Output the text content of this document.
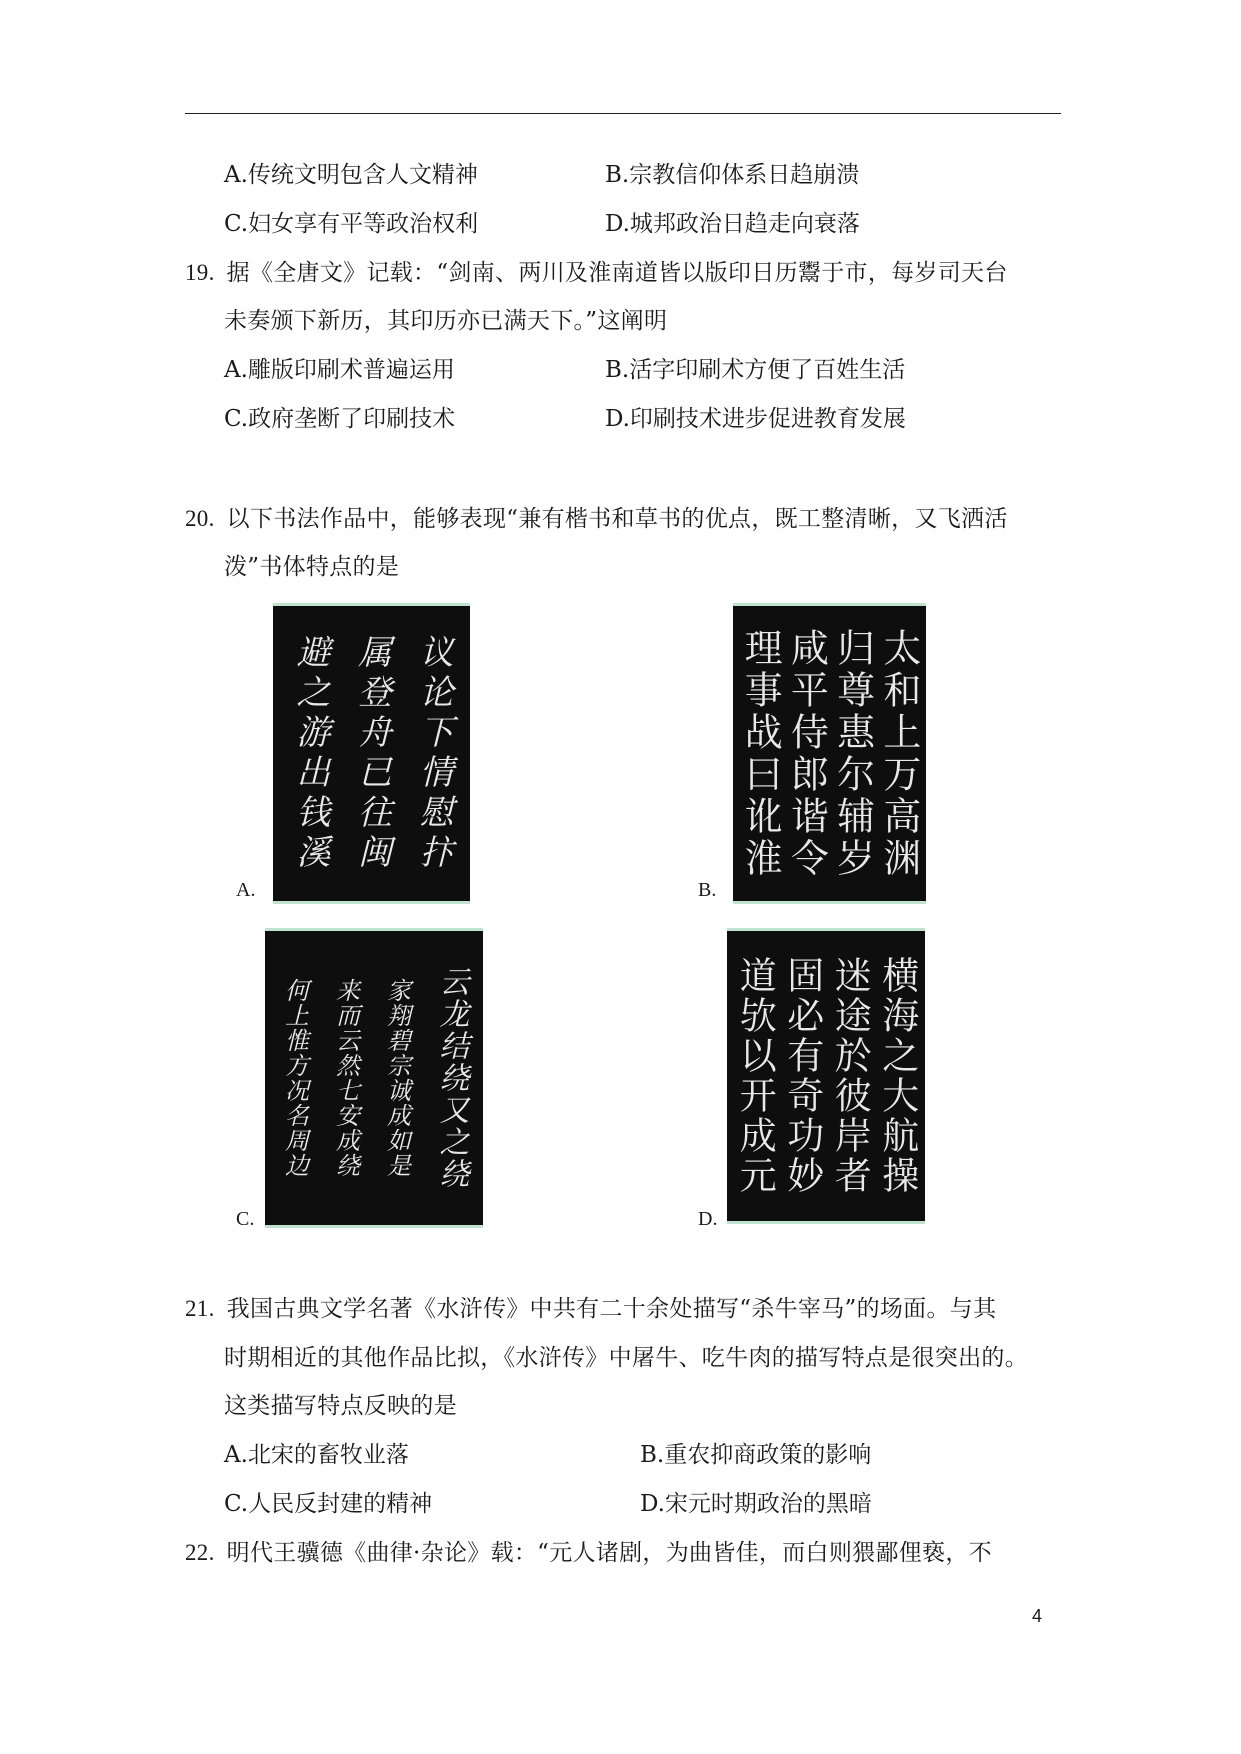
A.传统文明包含人文精神	B.宗教信仰体系日趋崩溃
C.妇女享有平等政治权利	D.城邦政治日趋走向衰落
19. 据《全唐文》记载：“剑南、两川及淮南道皆以版印日历鬻于市，每岁司天台
未奏颁下新历，其印历亦已满天下。”这阐明
A.雕版印刷术普遍运用	B.活字印刷术方便了百姓生活
C.政府垄断了印刷技术	D.印刷技术进步促进教育发展
20. 以下书法作品中，能够表现“兼有楷书和草书的优点，既工整清晰，又飞洒活
泼”书体特点的是
议论下情慰抃
属登舟已往闽
避之游出钱溪
A.
太和上万高渊
归尊惠尔辅岁
咸平侍郎谐令
理事战曰讹淮
B.
云龙结绕又之绕
家翔碧宗诚成如是
来而云然七安成绕
何上惟方况名周边
C.
横海之大航操
迷途於彼岸者
固必有奇功妙
道欤以开成元
D.
21. 我国古典文学名著《水浒传》中共有二十余处描写“杀牛宰马”的场面。与其
时期相近的其他作品比拟，《水浒传》中屠牛、吃牛肉的描写特点是很突出的。
这类描写特点反映的是
A.北宋的畜牧业落	B.重农抑商政策的影响
C.人民反封建的精神	D.宋元时期政治的黑暗
22. 明代王骥德《曲律·杂论》载：“元人诸剧，为曲皆佳，而白则猥鄙俚亵，不
4
